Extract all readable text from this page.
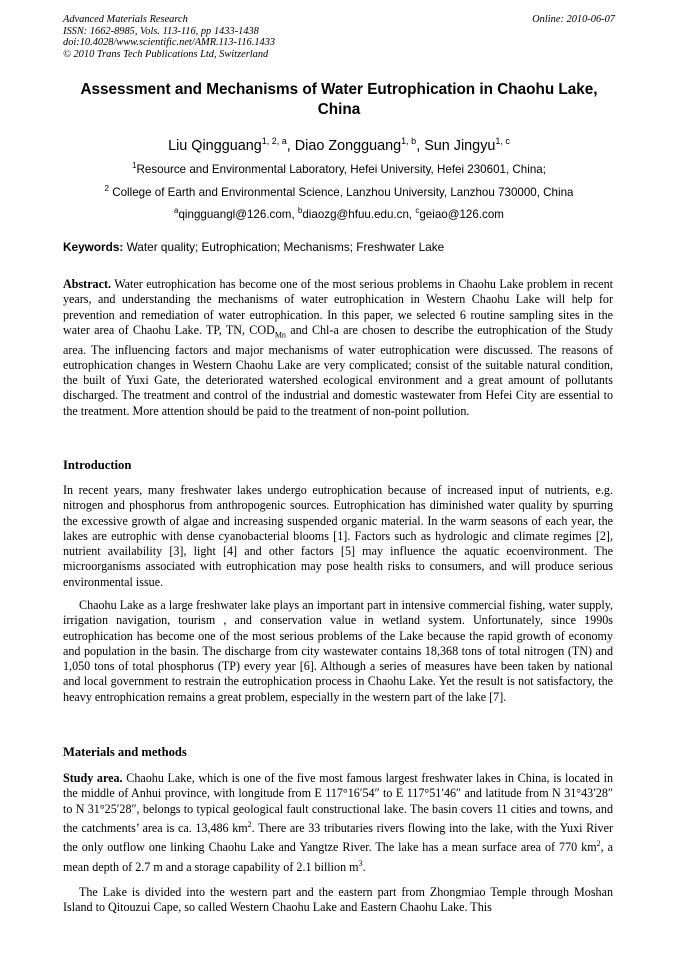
Advanced Materials Research
ISSN: 1662-8985, Vols. 113-116, pp 1433-1438
doi:10.4028/www.scientific.net/AMR.113-116.1433
© 2010 Trans Tech Publications Ltd, Switzerland
Online: 2010-06-07
Assessment and Mechanisms of Water Eutrophication in Chaohu Lake, China
Liu Qingguang$^{1, 2, a}$, Diao Zongguang$^{1, b}$, Sun Jingyu$^{1, c}$
$^1$Resource and Environmental Laboratory, Hefei University, Hefei 230601, China;
$^2$ College of Earth and Environmental Science, Lanzhou University, Lanzhou 730000, China
$^a$qingguangl@126.com, $^b$diaozg@hfuu.edu.cn, $^c$geiao@126.com
Keywords: Water quality; Eutrophication; Mechanisms; Freshwater Lake
Abstract. Water eutrophication has become one of the most serious problems in Chaohu Lake problem in recent years, and understanding the mechanisms of water eutrophication in Western Chaohu Lake will help for prevention and remediation of water eutrophication. In this paper, we selected 6 routine sampling sites in the water area of Chaohu Lake. TP, TN, $COD_{Mn}$ and Chl-a are chosen to describe the eutrophication of the Study area. The influencing factors and major mechanisms of water eutrophication were discussed. The reasons of eutrophication changes in Western Chaohu Lake are very complicated; consist of the suitable natural condition, the built of Yuxi Gate, the deteriorated watershed ecological environment and a great amount of pollutants discharged. The treatment and control of the industrial and domestic wastewater from Hefei City are essential to the treatment. More attention should be paid to the treatment of non-point pollution.
Introduction
In recent years, many freshwater lakes undergo eutrophication because of increased input of nutrients, e.g. nitrogen and phosphorus from anthropogenic sources. Eutrophication has diminished water quality by spurring the excessive growth of algae and increasing suspended organic material. In the warm seasons of each year, the lakes are eutrophic with dense cyanobacterial blooms [1]. Factors such as hydrologic and climate regimes [2], nutrient availability [3], light [4] and other factors [5] may influence the aquatic ecoenvironment. The microorganisms associated with eutrophication may pose health risks to consumers, and will produce serious environmental issue.
Chaohu Lake as a large freshwater lake plays an important part in intensive commercial fishing, water supply, irrigation navigation, tourism , and conservation value in wetland system. Unfortunately, since 1990s eutrophication has become one of the most serious problems of the Lake because the rapid growth of economy and population in the basin. The discharge from city wastewater contains 18,368 tons of total nitrogen (TN) and 1,050 tons of total phosphorus (TP) every year [6]. Although a series of measures have been taken by national and local government to restrain the eutrophication process in Chaohu Lake. Yet the result is not satisfactory, the heavy entrophication remains a great problem, especially in the western part of the lake [7].
Materials and methods
Study area. Chaohu Lake, which is one of the five most famous largest freshwater lakes in China, is located in the middle of Anhui province, with longitude from E 117°16′54″ to E 117°51′46″ and latitude from N 31°43′28″ to N 31°25′28″, belongs to typical geological fault constructional lake. The basin covers 11 cities and towns, and the catchments’ area is ca. 13,486 $km^2$. There are 33 tributaries rivers flowing into the lake, with the Yuxi River the only outflow one linking Chaohu Lake and Yangtze River. The lake has a mean surface area of 770 $km^2$, a mean depth of 2.7 m and a storage capability of 2.1 billion $m^3$.
The Lake is divided into the western part and the eastern part from Zhongmiao Temple through Moshan Island to Qitouzui Cape, so called Western Chaohu Lake and Eastern Chaohu Lake. This
